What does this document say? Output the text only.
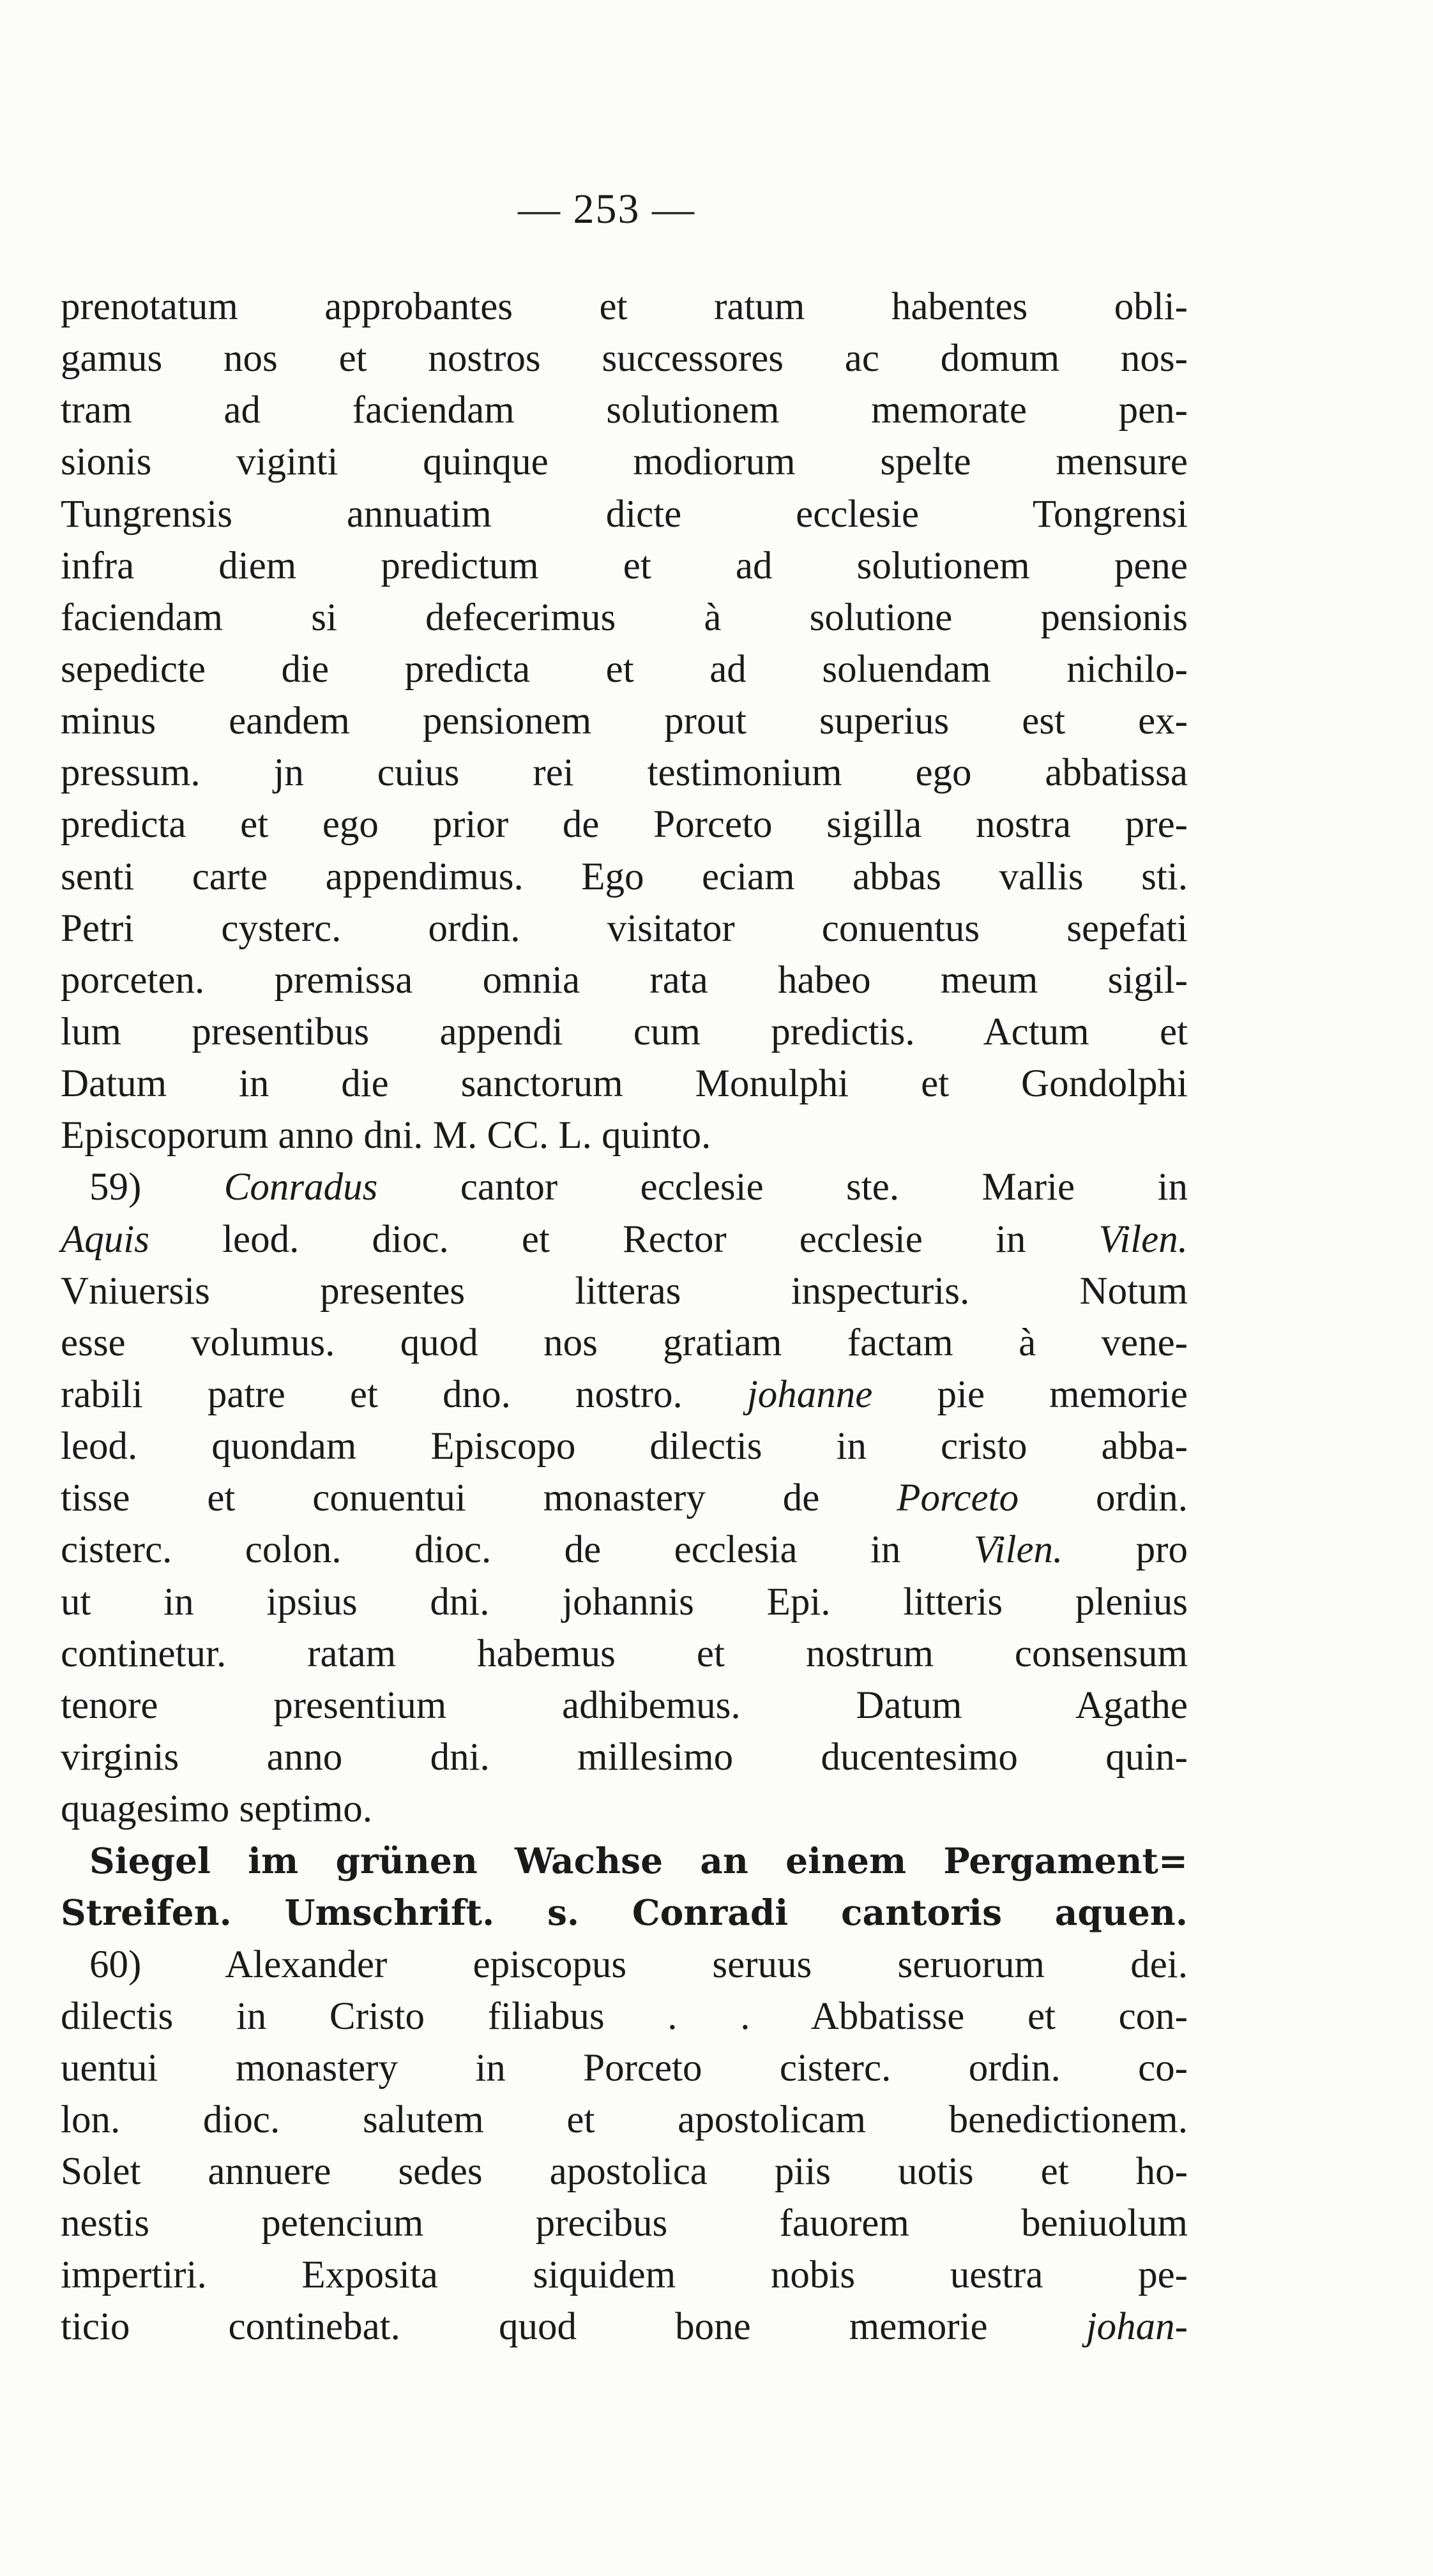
— 253 —
prenotatum approbantes et ratum habentes obli-
gamus nos et nostros successores ac domum nos-
tram ad faciendam solutionem memorate pen-
sionis viginti quinque modiorum spelte mensure
Tungrensis annuatim dicte ecclesie Tongrensi
infra diem predictum et ad solutionem pene
faciendam si defecerimus à solutione pensionis
sepedicte die predicta et ad soluendam nichilo-
minus eandem pensionem prout superius est ex-
pressum. jn cuius rei testimonium ego abbatissa
predicta et ego prior de Porceto sigilla nostra pre-
senti carte appendimus. Ego eciam abbas vallis sti.
Petri cysterc. ordin. visitator conuentus sepefati
porceten. premissa omnia rata habeo meum sigil-
lum presentibus appendi cum predictis. Actum et
Datum in die sanctorum Monulphi et Gondolphi
Episcoporum anno dni. M. CC. L. quinto.
59) Conradus cantor ecclesie ste. Marie in
Aquis leod. dioc. et Rector ecclesie in Vilen.
Vniuersis presentes litteras inspecturis. Notum
esse volumus. quod nos gratiam factam à vene-
rabili patre et dno. nostro. johanne pie memorie
leod. quondam Episcopo dilectis in cristo abba-
tisse et conuentui monastery de Porceto ordin.
cisterc. colon. dioc. de ecclesia in Vilen. pro
ut in ipsius dni. johannis Epi. litteris plenius
continetur. ratam habemus et nostrum consensum
tenore presentium adhibemus. Datum Agathe
virginis anno dni. millesimo ducentesimo quin-
quagesimo septimo.
Siegel im grünen Wachse an einem Pergament=
Streifen. Umschrift. s. Conradi cantoris aquen.
60) Alexander episcopus seruus seruorum dei.
dilectis in Cristo filiabus . . Abbatisse et con-
uentui monastery in Porceto cisterc. ordin. co-
lon. dioc. salutem et apostolicam benedictionem.
Solet annuere sedes apostolica piis uotis et ho-
nestis petencium precibus fauorem beniuolum
impertiri. Exposita siquidem nobis uestra pe-
ticio continebat. quod bone memorie johan-
